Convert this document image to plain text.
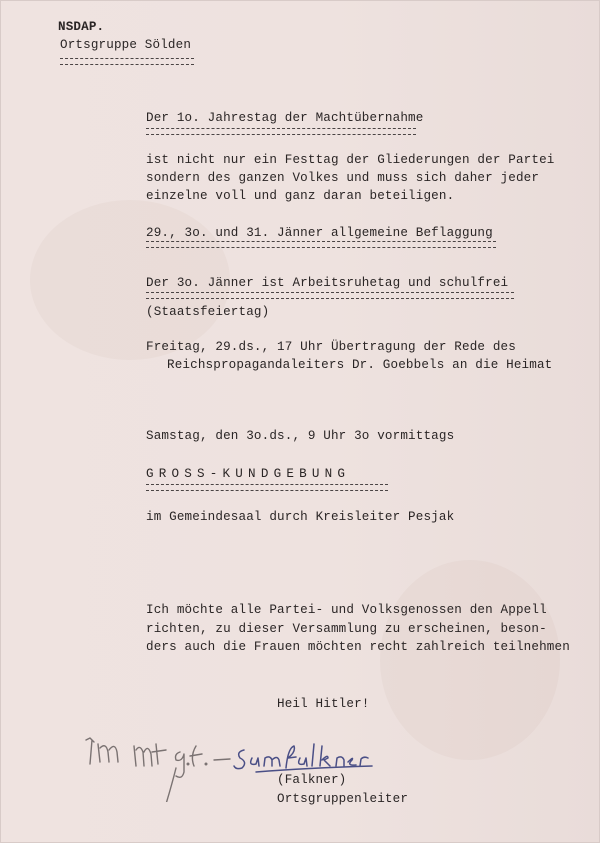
NSDAP.
Ortsgruppe Sölden
Der 1o. Jahrestag der Machtübernahme
ist nicht nur ein Festtag der Gliederungen der Partei
sondern des ganzen Volkes und muss sich daher jeder
einzelne voll und ganz daran beteiligen.
29., 3o. und 31. Jänner allgemeine Beflaggung
Der 3o. Jänner ist Arbeitsruhetag und schulfrei
(Staatsfeiertag)
Freitag, 29.ds., 17 Uhr Übertragung der Rede des
Reichspropagandaleiters Dr. Goebbels an die Heimat
Samstag, den 3o.ds., 9 Uhr 3o vormittags
GROSS-KUNDGEBUNG
im Gemeindesaal durch Kreisleiter Pesjak
Ich möchte alle Partei- und Volksgenossen den Appell
richten, zu dieser Versammlung zu erscheinen, beson-
ders auch die Frauen möchten recht zahlreich teilnehmen
Heil Hitler!
(Falkner)
Ortsgruppenleiter
